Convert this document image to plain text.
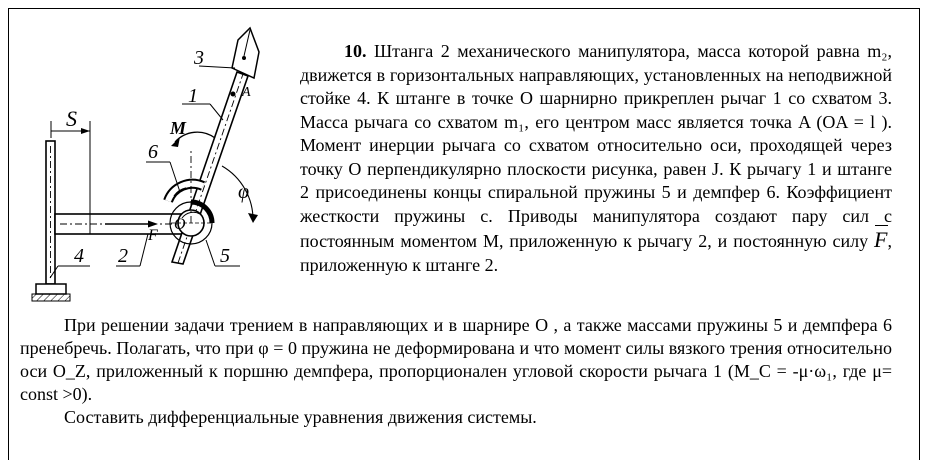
S
F
O
M
φ
1
2
3
4	5
6
A
10. Штанга 2 механического манипулятора, масса которой равна m₂, движется в горизонтальных направляющих, установленных на неподвижной стойке 4. К штанге в точке O шарнирно прикреплен рычаг 1 со схватом 3. Масса рычага со схватом m₁, его центром масс является точка A (OA = l ). Момент инерции рычага со схватом относительно оси, проходящей через точку O перпендикулярно плоскости рисунка, равен J. К рычагу 1 и штанге 2 присоединены концы спиральной пружины 5 и демпфер 6. Коэффициент жесткости пружины c. Приводы манипулятора создают пару сил с постоянным моментом M, приложенную к рычагу 2, и постоянную силу F, приложенную к штанге 2.

При решении задачи трением в направляющих и в шарнире O , а также массами пружины 5 и демпфера 6 пренебречь. Полагать, что при φ = 0 пружина не деформирована и что момент силы вязкого трения относительно оси O_Z, приложенный к поршню демпфера, пропорционален угловой скорости рычага 1 (M_C = -μ·ω₁, где μ= const >0).

Составить дифференциальные уравнения движения системы.
